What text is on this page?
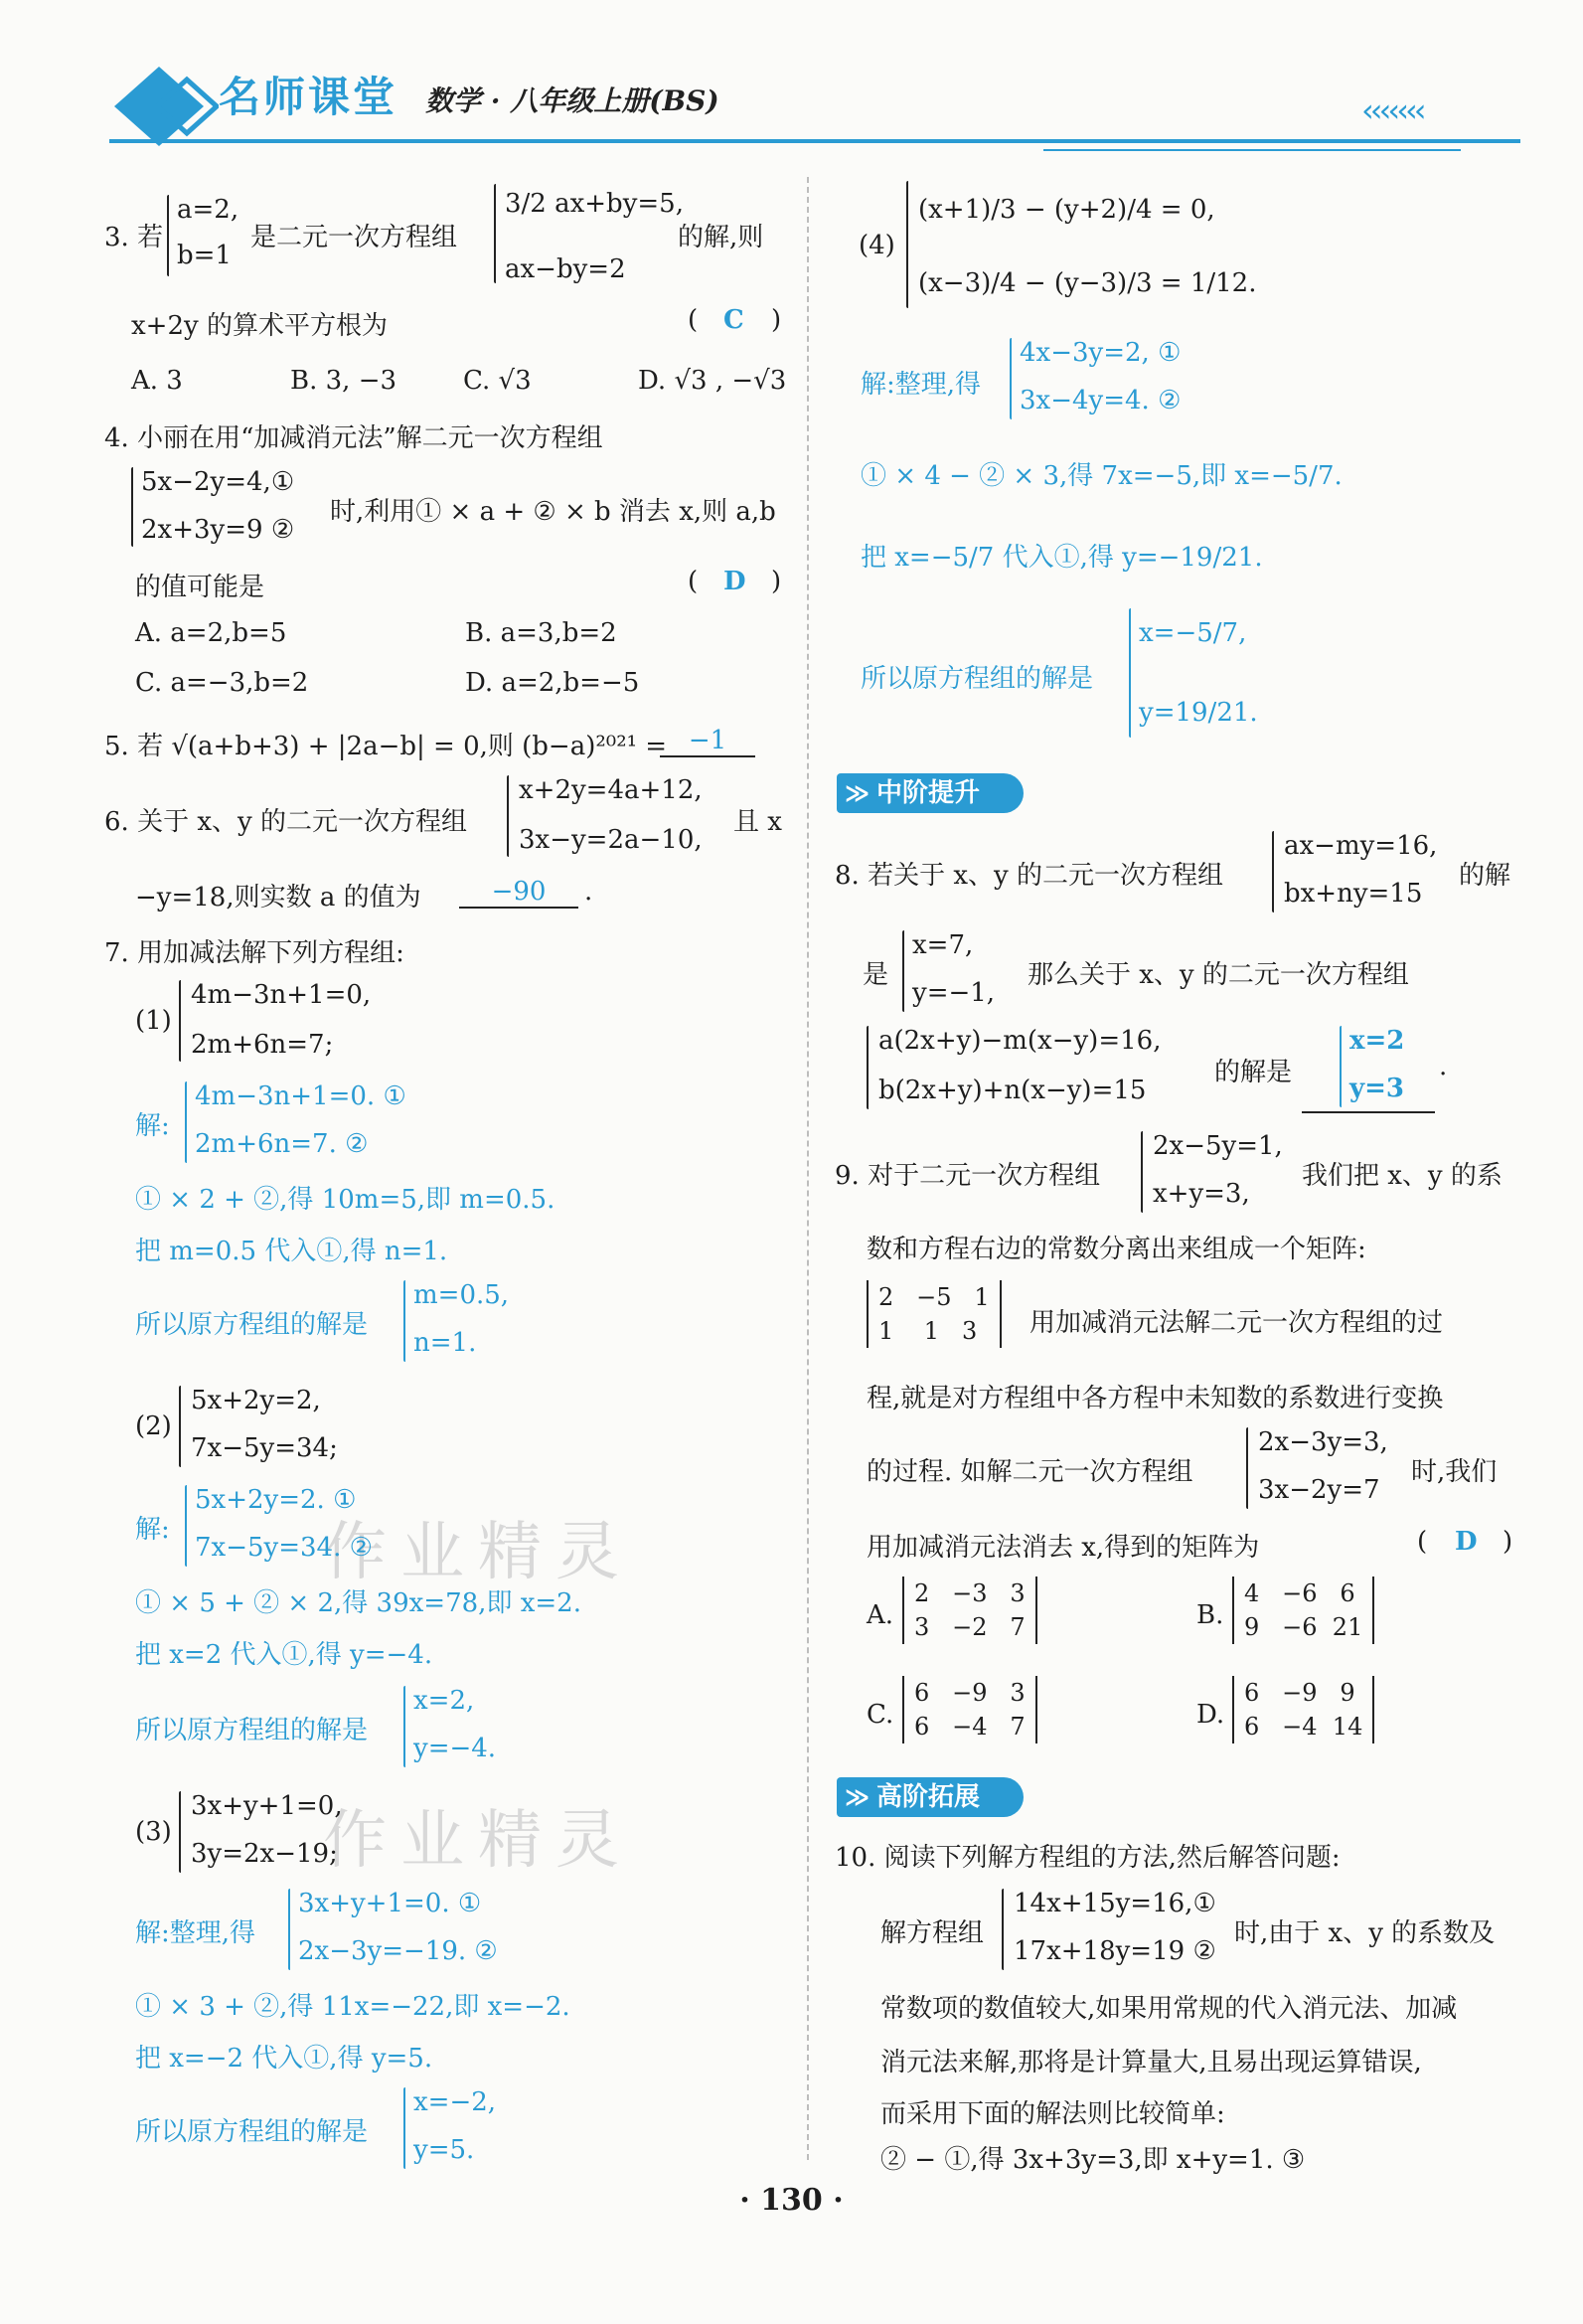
名师课堂 数学 · 八年级上册(BS)	‹‹‹‹‹‹‹
作业精灵
作业精灵
3. 若
a=2,
b=1
是二元一次方程组
3/2 ax+by=5,
ax−by=2
的解,则
x+2y 的算术平方根为	( C )
A. 3	B. 3, −3	C. √3	D. √3 , −√3
4. 小丽在用“加减消元法”解二元一次方程组
5x−2y=4,①
2x+3y=9 ②
时,利用① × a + ② × b 消去 x,则 a,b
的值可能是	( D )
A. a=2,b=5	B. a=3,b=2
C. a=−3,b=2	D. a=2,b=−5
5. 若 √(a+b+3) + |2a−b| = 0,则 (b−a)²⁰²¹ = −1
6. 关于 x、y 的二元一次方程组
x+2y=4a+12,
3x−y=2a−10,
且 x
−y=18,则实数 a 的值为	−90	.
7. 用加减法解下列方程组:
(1)
4m−3n+1=0,
2m+6n=7;
解:
4m−3n+1=0. ①
2m+6n=7. ②
① × 2 + ②,得 10m=5,即 m=0.5.
把 m=0.5 代入①,得 n=1.
所以原方程组的解是
m=0.5,
n=1.
(2)
5x+2y=2,
7x−5y=34;
解:
5x+2y=2. ①
7x−5y=34. ②
① × 5 + ② × 2,得 39x=78,即 x=2.
把 x=2 代入①,得 y=−4.
所以原方程组的解是
x=2,
y=−4.
(3)
3x+y+1=0,
3y=2x−19;
解:整理,得
3x+y+1=0. ①
2x−3y=−19. ②
① × 3 + ②,得 11x=−22,即 x=−2.
把 x=−2 代入①,得 y=5.
所以原方程组的解是
x=−2,
y=5.
(4)
(x+1)/3 − (y+2)/4 = 0,
(x−3)/4 − (y−3)/3 = 1/12.
解:整理,得
4x−3y=2, ①
3x−4y=4. ②
① × 4 − ② × 3,得 7x=−5,即 x=−5/7.
把 x=−5/7 代入①,得 y=−19/21.
所以原方程组的解是
x=−5/7,
y=19/21.
≫ 中阶提升
8. 若关于 x、y 的二元一次方程组
ax−my=16,
bx+ny=15
的解
是
x=7,
y=−1,
那么关于 x、y 的二元一次方程组
a(2x+y)−m(x−y)=16,
b(2x+y)+n(x−y)=15
的解是
x=2
y=3
.
9. 对于二元一次方程组
2x−5y=1,
x+y=3,
我们把 x、y 的系
数和方程右边的常数分离出来组成一个矩阵:
2   −5   1
1    1   3	用加减消元法解二元一次方程组的过
程,就是对方程组中各方程中未知数的系数进行变换
的过程. 如解二元一次方程组
2x−3y=3,
3x−2y=7
时,我们
用加减消元法消去 x,得到的矩阵为	( D )
A.
2   −3   3
3   −2   7	B.
4   −6   6
9   −6  21
C.
6   −9   3
6   −4   7	D.
6   −9   9
6   −4  14
≫ 高阶拓展
10. 阅读下列解方程组的方法,然后解答问题:
解方程组
14x+15y=16,①
17x+18y=19 ②
时,由于 x、y 的系数及
常数项的数值较大,如果用常规的代入消元法、加减
消元法来解,那将是计算量大,且易出现运算错误,
而采用下面的解法则比较简单:
② − ①,得 3x+3y=3,即 x+y=1. ③
· 130 ·
